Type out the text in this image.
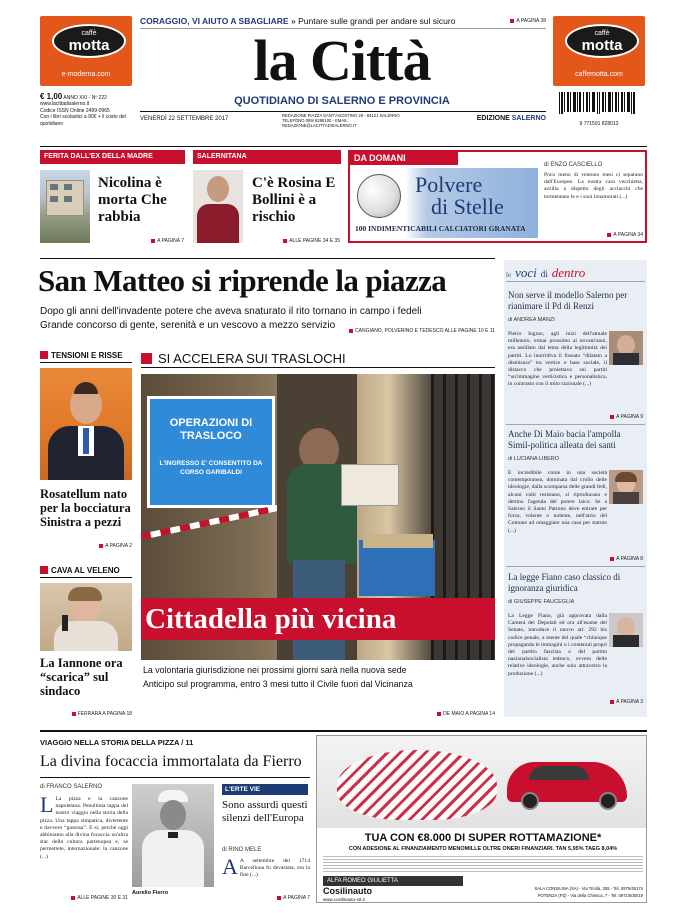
caffè
motta
e-moderna.com
caffè
motta
caffemotta.com
CORAGGIO, VI AIUTO A SBAGLIARE » Puntare sulle grandi per andare sul sicuro	A PAGINA 38
la Città
QUOTIDIANO DI SALERNO E PROVINCIA
€ 1,00 ANNO XXI - Nº 222
www.lacittadisalerno.it
Codice ISSN Online 2499-0965
Con i libri scolastici a 90€ + il costo del quotidiano
VENERDÌ 22 SETTEMBRE 2017
REDAZIONE PIAZZA SANT'AGOSTINO 29 - 84121 SALERNO
TELEFONO 089/ 9295100 - EMAIL: REDAZIONE@LACITTADISALERNO.IT
EDIZIONE SALERNO
9 771591 828013
FERITA DALL'EX DELLA MADRE
Nicolina è morta Che rabbia
A PAGINA 7
SALERNITANA
C'è Rosina E Bollini è a rischio
ALLE PAGINE 34 E 35
DA DOMANI
Polvere
di Stelle
100 INDIMENTICABILI CALCIATORI GRANATA
di ENZO CASCIELLO
Poco meno di ventuno mesi ci separano dall'Europeo. La nostra cara vecchietta, azzilla a dispetto degli acciacchi che tormentano le e i suoi innamorati (...)
A PAGINA 34
San Matteo si riprende la piazza
Dopo gli anni dell'invadente potere che aveva snaturato il rito tornano in campo i fedeli
Grande concorso di gente, serenità e un vescovo a mezzo servizio	CANGIANO, POLVERINO E TEDESCO ALLE PAGINE 10 E 11
TENSIONI E RISSE
Rosatellum nato per la bocciatura Sinistra a pezzi
A PAGINA 2
CAVA AL VELENO
La Iannone ora “scarica” sul sindaco
FERRARA A PAGINA 18
SI ACCELERA SUI TRASLOCHI
OPERAZIONI DI TRASLOCO
L'INGRESSO E' CONSENTITO DA CORSO GARIBALDI
Cittadella più vicina
La volontaria giurisdizione nei prossimi giorni sarà nella nuova sede
Anticipo sul programma, entro 3 mesi tutto il Civile fuori dal Vicinanza
DE MAIO A PAGINA 14
le voci di dentro
Non serve il modello Salerno per rianimare il Pd di Renzi
di ANDREA MANZI
Pietro Ingrao, agli inizi dell'attuale millennio, ormai prossimo ai novant'anni, era assillato dal tema della legittimità dei partiti. Lo inorridiva il fossato “dilatato a dismisura” tra vertice e base sociale, il distacco che proiettava sui partiti “un'immagine verticistica e personalistica, in contrasto con il mito razionale (...)
A PAGINA 9
Anche Di Maio bacia l'ampolla Simil-politica alleata dei santi
di LUCIANA LIBERO
È incredibile come in una società contemporanea, dominata dal crollo delle ideologie, dalla scomparsa delle grandi fedi, alcuni culti resistano, si riproducano e dettino l'agenda del potere laico. Se a Salerno il Santo Patrono deve entrare per forza, volente o nolente, nell'atrio del Comune ad omaggiare una casa per statuto (...)
A PAGINA 8
La legge Fiano caso classico di ignoranza giuridica
di GIUSEPPE FAUCEGLIA
La Legge Fiano, già approvata dalla Camera dei Deputati ed ora all'esame del Senato, introduce il nuovo art. 292 bis codice penale, a mente del quale “chiunque propaganda le immagini o i contenuti propri del partito fascista o del partito nazionalsocialista tedesco, ovvero delle relative ideologie, anche solo attraverso la produzione (...)
A PAGINA 3
VIAGGIO NELLA STORIA DELLA PIZZA / 11
La divina focaccia immortalata da Fierro
di FRANCO SALERNO
L La pizza e la canzone napoletana. Penultima tappa del nostro viaggio nella storia della pizza. Una tappa simpatica, divertente e davvero “gustosa”. E sì, perché oggi abbiniamo alla divina focaccia un'altra star della cultura partenopea e, se permettete, internazionale: la canzone (...)
ALLE PAGINE 30 E 31
Aurelio Fierro
L'ERTE VIE
Sono assurdi questi silenzi dell'Europa
di RINO MELE
A A settembre del 1714 Barcellona fu devastata, era la fine (...)
A PAGINA 7
TUA CON €8.000 DI SUPER ROTTAMAZIONE*
CON ADESIONE AL FINANZIAMENTO MENOMILLE OLTRE ONERI FINANZIARI. TAN 5,95% TAEG 8,04%
ALFA ROMEO GIULIETTA
Cosilinauto
www.cosilinauto-srl.it
SALA CONSILINA (SA) - Via Trinità, 255 - Tel. 0975/45174
POTENZA (PZ) - Via della Chimica, 7 - Tel. 0971/505019
